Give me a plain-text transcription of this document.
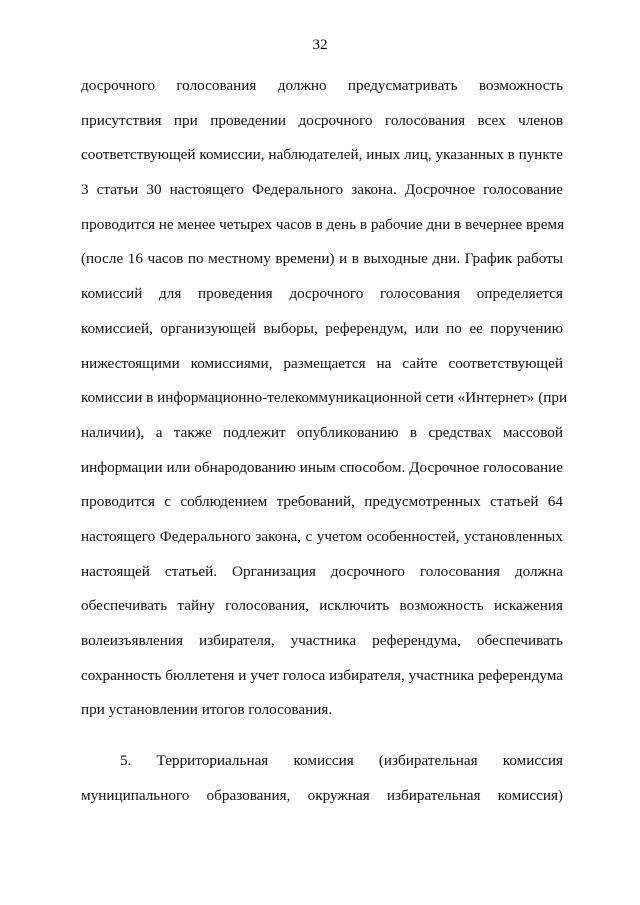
32
досрочного голосования должно предусматривать возможность
присутствия при проведении досрочного голосования всех членов
соответствующей комиссии, наблюдателей, иных лиц, указанных в пункте
3 статьи 30 настоящего Федерального закона. Досрочное голосование
проводится не менее четырех часов в день в рабочие дни в вечернее время
(после 16 часов по местному времени) и в выходные дни. График работы
комиссий для проведения досрочного голосования определяется
комиссией, организующей выборы, референдум, или по ее поручению
нижестоящими комиссиями, размещается на сайте соответствующей
комиссии в информационно-телекоммуникационной сети «Интернет» (при
наличии), а также подлежит опубликованию в средствах массовой
информации или обнародованию иным способом. Досрочное голосование
проводится с соблюдением требований, предусмотренных статьей 64
настоящего Федерального закона, с учетом особенностей, установленных
настоящей статьей. Организация досрочного голосования должна
обеспечивать тайну голосования, исключить возможность искажения
волеизъявления избирателя, участника референдума, обеспечивать
сохранность бюллетеня и учет голоса избирателя, участника референдума
при установлении итогов голосования.
5. Территориальная комиссия (избирательная комиссия
муниципального образования, окружная избирательная комиссия)
